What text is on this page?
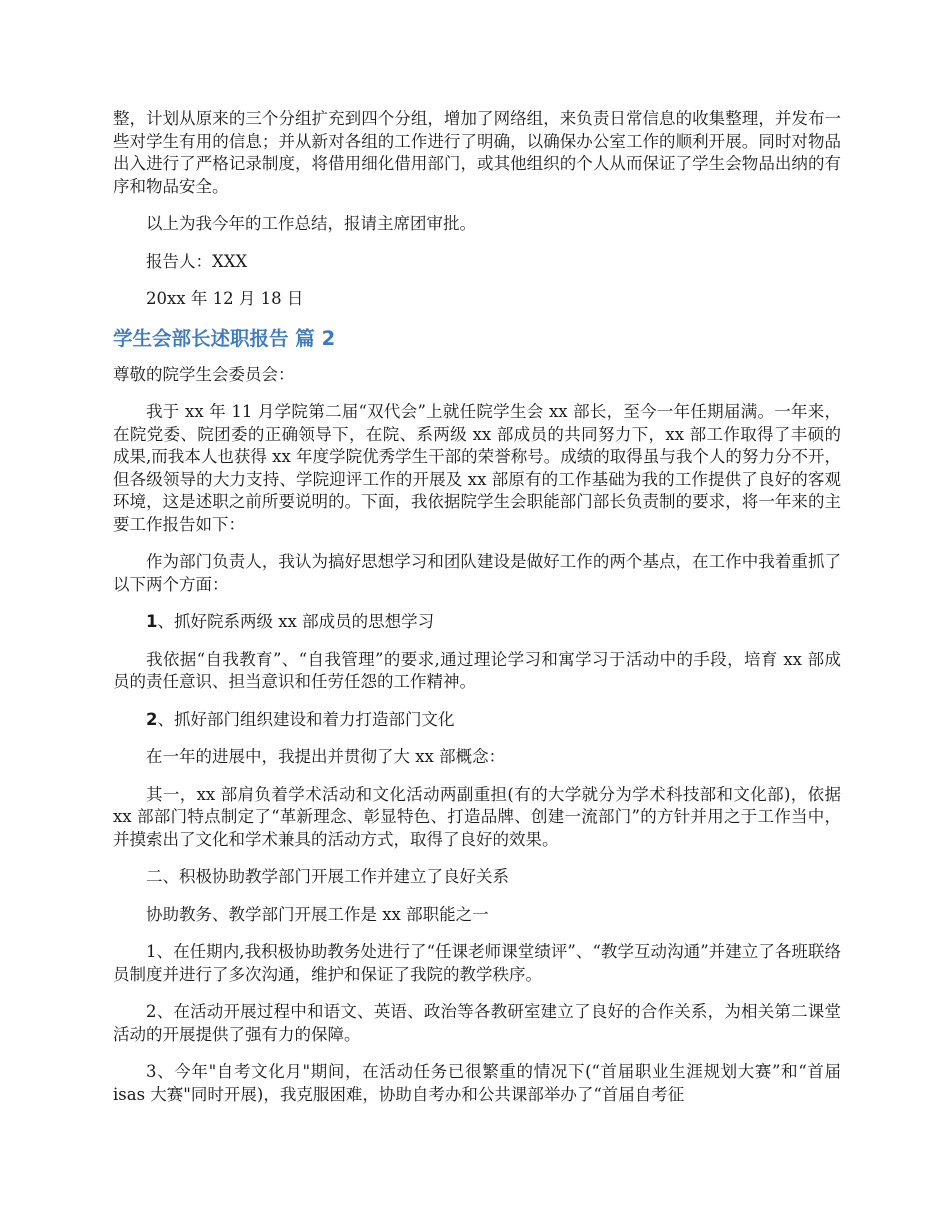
整，计划从原来的三个分组扩充到四个分组，增加了网络组，来负责日常信息的收集整理，并发布一些对学生有用的信息；并从新对各组的工作进行了明确，以确保办公室工作的顺利开展。同时对物品出入进行了严格记录制度，将借用细化借用部门，或其他组织的个人从而保证了学生会物品出纳的有序和物品安全。

以上为我今年的工作总结，报请主席团审批。

报告人：XXX

20xx 年 12 月 18 日

学生会部长述职报告 篇 2

尊敬的院学生会委员会：

我于 xx 年 11 月学院第二届“双代会”上就任院学生会 xx 部长，至今一年任期届满。一年来，在院党委、院团委的正确领导下，在院、系两级 xx 部成员的共同努力下，xx 部工作取得了丰硕的成果,而我本人也获得 xx 年度学院优秀学生干部的荣誉称号。成绩的取得虽与我个人的努力分不开，但各级领导的大力支持、学院迎评工作的开展及 xx 部原有的工作基础为我的工作提供了良好的客观环境，这是述职之前所要说明的。下面，我依据院学生会职能部门部长负责制的要求，将一年来的主要工作报告如下：

作为部门负责人，我认为搞好思想学习和团队建设是做好工作的两个基点，在工作中我着重抓了以下两个方面：

1、抓好院系两级 xx 部成员的思想学习

我依据“自我教育”、“自我管理”的要求,通过理论学习和寓学习于活动中的手段，培育 xx 部成员的责任意识、担当意识和任劳任怨的工作精神。

2、抓好部门组织建设和着力打造部门文化

在一年的进展中，我提出并贯彻了大 xx 部概念：

其一，xx 部肩负着学术活动和文化活动两副重担(有的大学就分为学术科技部和文化部)，依据 xx 部部门特点制定了“革新理念、彰显特色、打造品牌、创建一流部门”的方针并用之于工作当中，并摸索出了文化和学术兼具的活动方式，取得了良好的效果。

二、积极协助教学部门开展工作并建立了良好关系

协助教务、教学部门开展工作是 xx 部职能之一

1、在任期内,我积极协助教务处进行了“任课老师课堂绩评”、“教学互动沟通”并建立了各班联络员制度并进行了多次沟通，维护和保证了我院的教学秩序。

2、在活动开展过程中和语文、英语、政治等各教研室建立了良好的合作关系，为相关第二课堂活动的开展提供了强有力的保障。

3、今年"自考文化月"期间，在活动任务已很繁重的情况下(“首届职业生涯规划大赛”和“首届 isas 大赛"同时开展)，我克服困难，协助自考办和公共课部举办了“首届自考征
